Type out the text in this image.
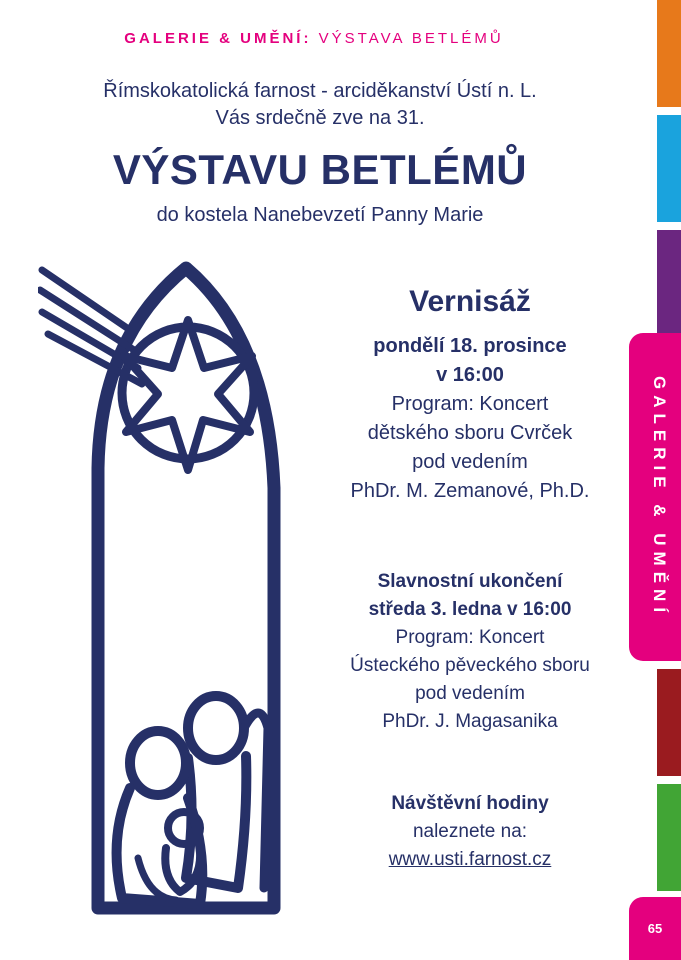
GALERIE & UMĚNÍ: VÝSTAVA BETLÉMŮ
Římskokatolická farnost - arciděkanství Ústí n. L.
Vás srdečně zve na 31.
VÝSTAVU BETLÉMŮ
do kostela Nanebevzetí Panny Marie
Vernisáž
pondělí 18. prosince
v 16:00
Program: Koncert
dětského sboru Cvrček
pod vedením
PhDr. M. Zemanové, Ph.D.
Slavnostní ukončení
středa 3. ledna v 16:00
Program: Koncert
Ústeckého pěveckého sboru
pod vedením
PhDr. J. Magasanika
Návštěvní hodiny
naleznete na:
www.usti.farnost.cz
GALERIE & UMĚNÍ
65
